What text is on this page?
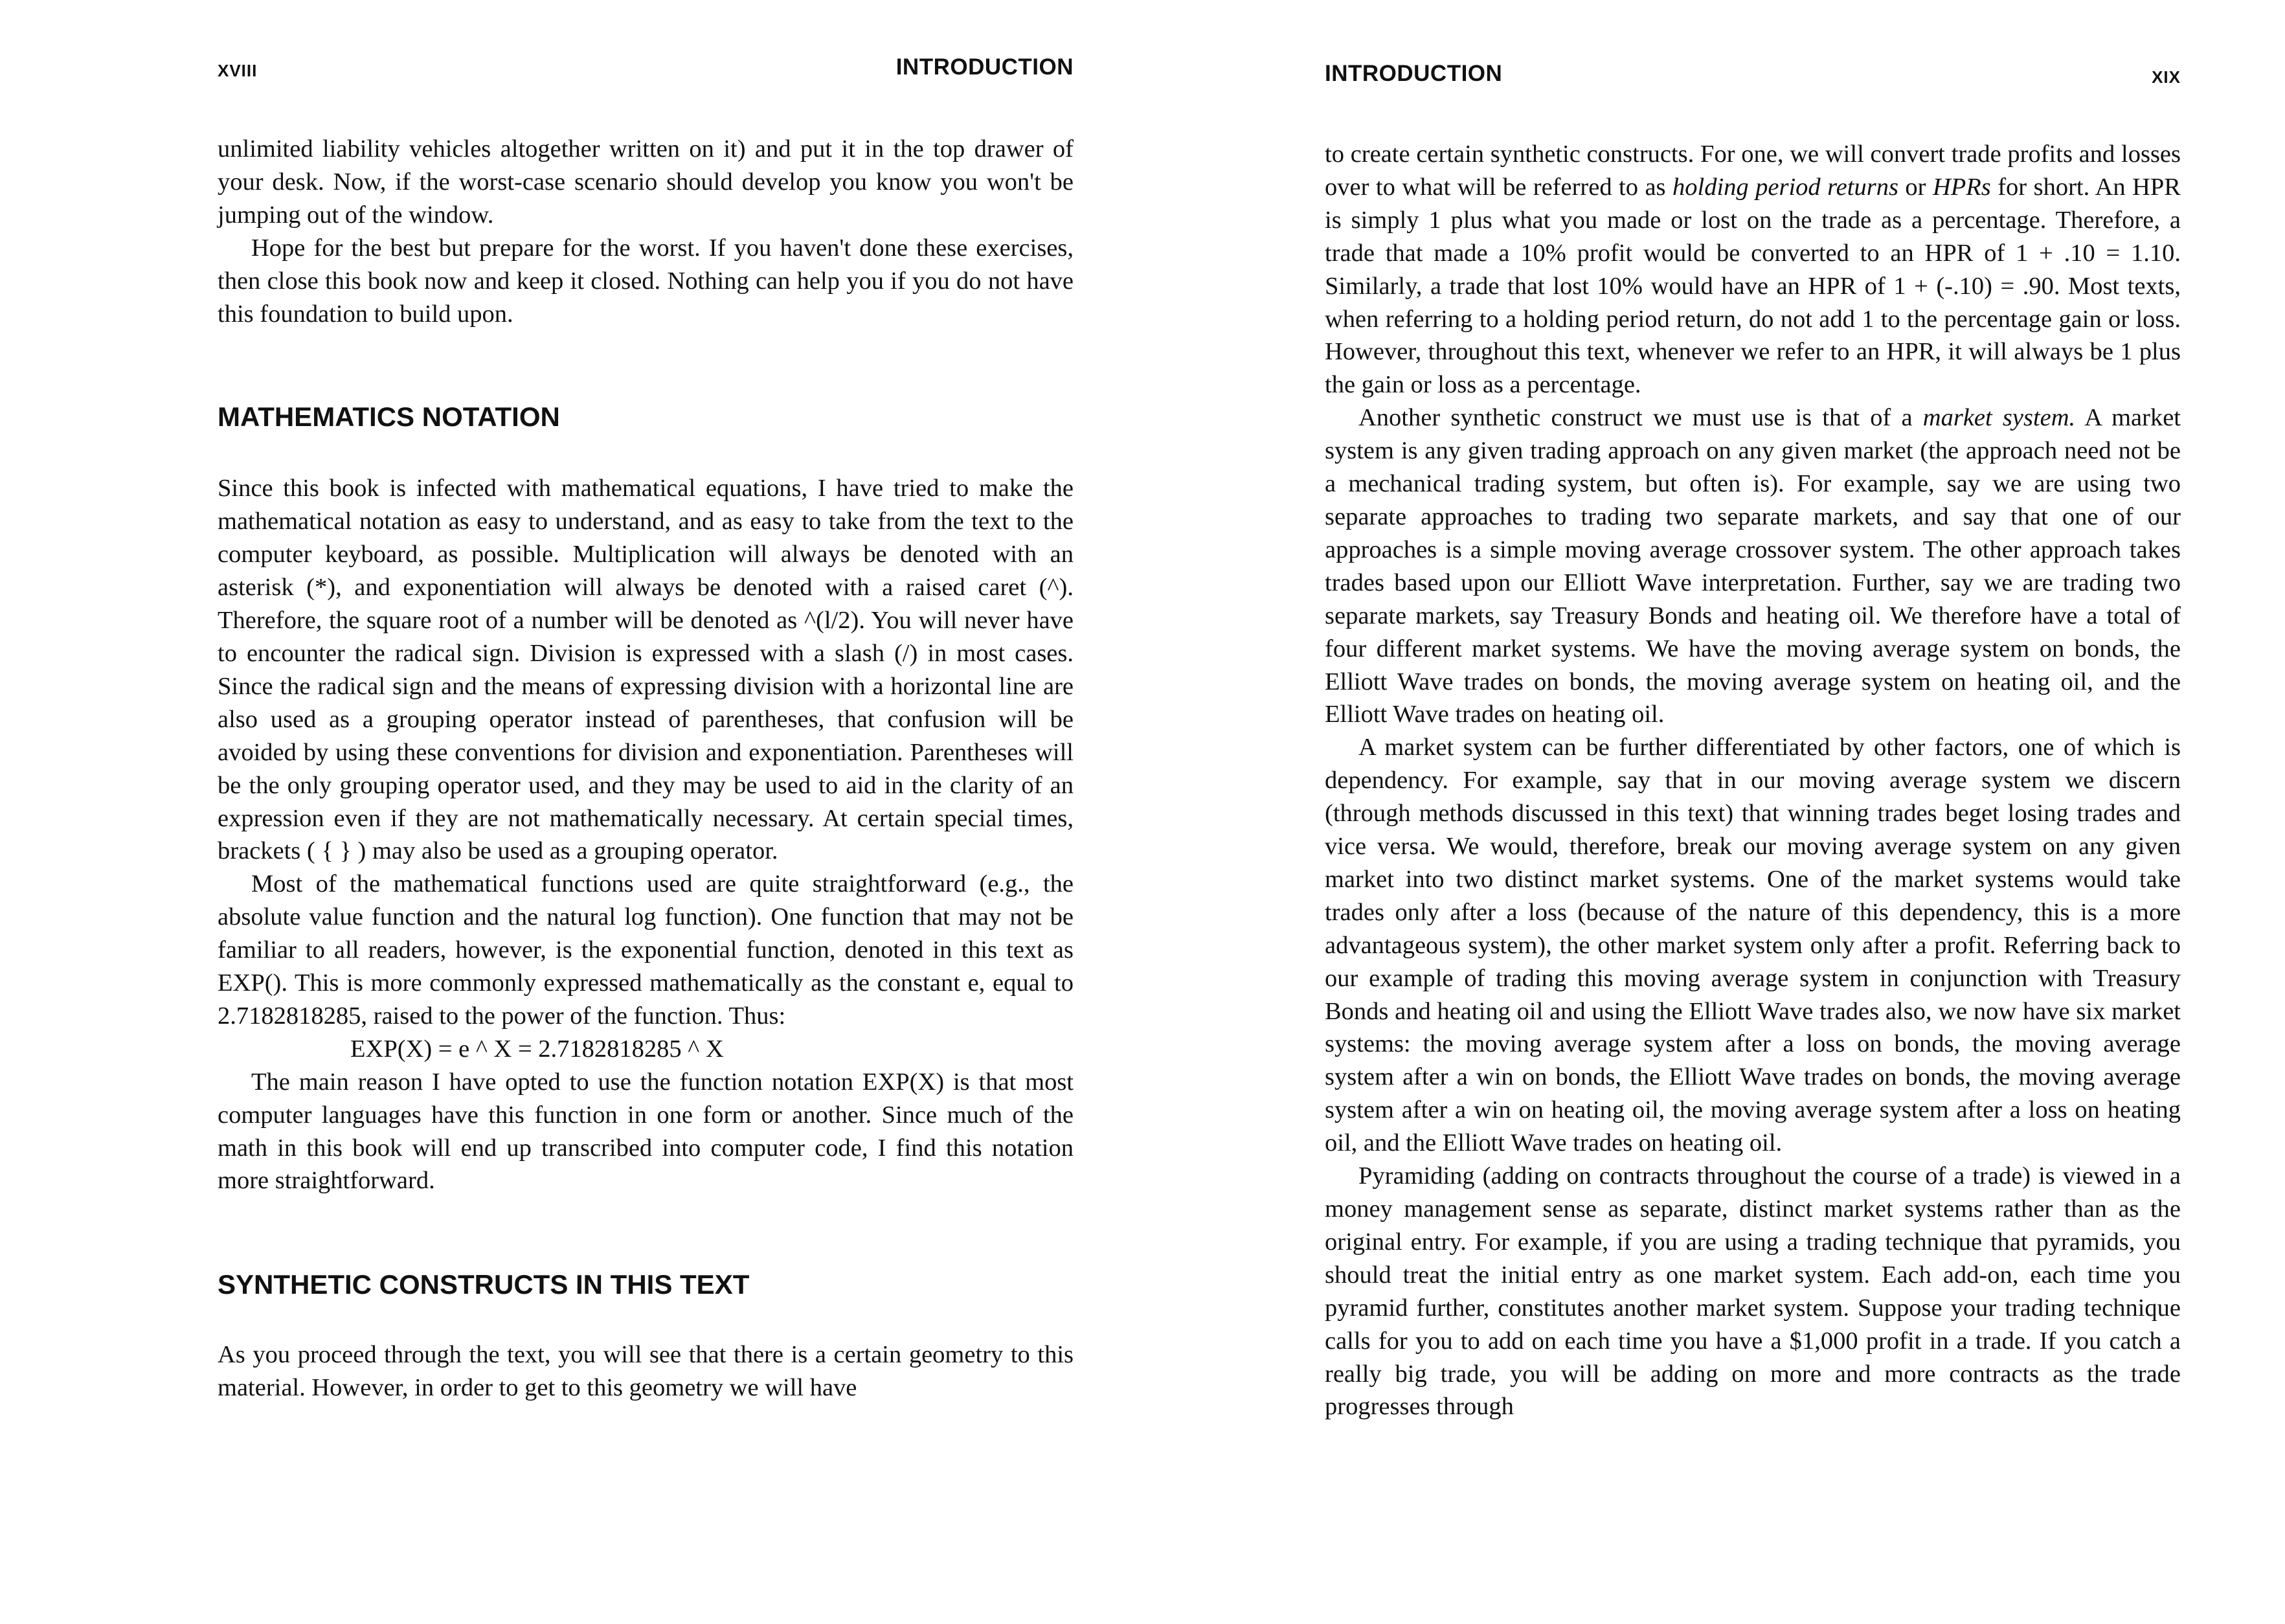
XVIII	INTRODUCTION

unlimited liability vehicles altogether written on it) and put it in the top drawer of your desk. Now, if the worst-case scenario should develop you know you won't be jumping out of the window.

Hope for the best but prepare for the worst. If you haven't done these exercises, then close this book now and keep it closed. Nothing can help you if you do not have this foundation to build upon.

MATHEMATICS NOTATION

Since this book is infected with mathematical equations, I have tried to make the mathematical notation as easy to understand, and as easy to take from the text to the computer keyboard, as possible. Multiplication will always be denoted with an asterisk (*), and exponentiation will always be denoted with a raised caret (^). Therefore, the square root of a number will be denoted as ^(l/2). You will never have to encounter the radical sign. Division is expressed with a slash (/) in most cases. Since the radical sign and the means of expressing division with a horizontal line are also used as a grouping operator instead of parentheses, that confusion will be avoided by using these conventions for division and exponentiation. Parentheses will be the only grouping operator used, and they may be used to aid in the clarity of an expression even if they are not mathematically necessary. At certain special times, brackets ( { } ) may also be used as a grouping operator.

Most of the mathematical functions used are quite straightforward (e.g., the absolute value function and the natural log function). One function that may not be familiar to all readers, however, is the exponential function, denoted in this text as EXP(). This is more commonly expressed mathematically as the constant e, equal to 2.7182818285, raised to the power of the function. Thus:

EXP(X) = e ^ X = 2.7182818285 ^ X

The main reason I have opted to use the function notation EXP(X) is that most computer languages have this function in one form or another. Since much of the math in this book will end up transcribed into computer code, I find this notation more straightforward.

SYNTHETIC CONSTRUCTS IN THIS TEXT

As you proceed through the text, you will see that there is a certain geometry to this material. However, in order to get to this geometry we will have

INTRODUCTION	XIX

to create certain synthetic constructs. For one, we will convert trade profits and losses over to what will be referred to as holding period returns or HPRs for short. An HPR is simply 1 plus what you made or lost on the trade as a percentage. Therefore, a trade that made a 10% profit would be converted to an HPR of 1 + .10 = 1.10. Similarly, a trade that lost 10% would have an HPR of 1 + (-.10) = .90. Most texts, when referring to a holding period return, do not add 1 to the percentage gain or loss. However, throughout this text, whenever we refer to an HPR, it will always be 1 plus the gain or loss as a percentage.

Another synthetic construct we must use is that of a market system. A market system is any given trading approach on any given market (the approach need not be a mechanical trading system, but often is). For example, say we are using two separate approaches to trading two separate markets, and say that one of our approaches is a simple moving average crossover system. The other approach takes trades based upon our Elliott Wave interpretation. Further, say we are trading two separate markets, say Treasury Bonds and heating oil. We therefore have a total of four different market systems. We have the moving average system on bonds, the Elliott Wave trades on bonds, the moving average system on heating oil, and the Elliott Wave trades on heating oil.

A market system can be further differentiated by other factors, one of which is dependency. For example, say that in our moving average system we discern (through methods discussed in this text) that winning trades beget losing trades and vice versa. We would, therefore, break our moving average system on any given market into two distinct market systems. One of the market systems would take trades only after a loss (because of the nature of this dependency, this is a more advantageous system), the other market system only after a profit. Referring back to our example of trading this moving average system in conjunction with Treasury Bonds and heating oil and using the Elliott Wave trades also, we now have six market systems: the moving average system after a loss on bonds, the moving average system after a win on bonds, the Elliott Wave trades on bonds, the moving average system after a win on heating oil, the moving average system after a loss on heating oil, and the Elliott Wave trades on heating oil.

Pyramiding (adding on contracts throughout the course of a trade) is viewed in a money management sense as separate, distinct market systems rather than as the original entry. For example, if you are using a trading technique that pyramids, you should treat the initial entry as one market system. Each add-on, each time you pyramid further, constitutes another market system. Suppose your trading technique calls for you to add on each time you have a $1,000 profit in a trade. If you catch a really big trade, you will be adding on more and more contracts as the trade progresses through
